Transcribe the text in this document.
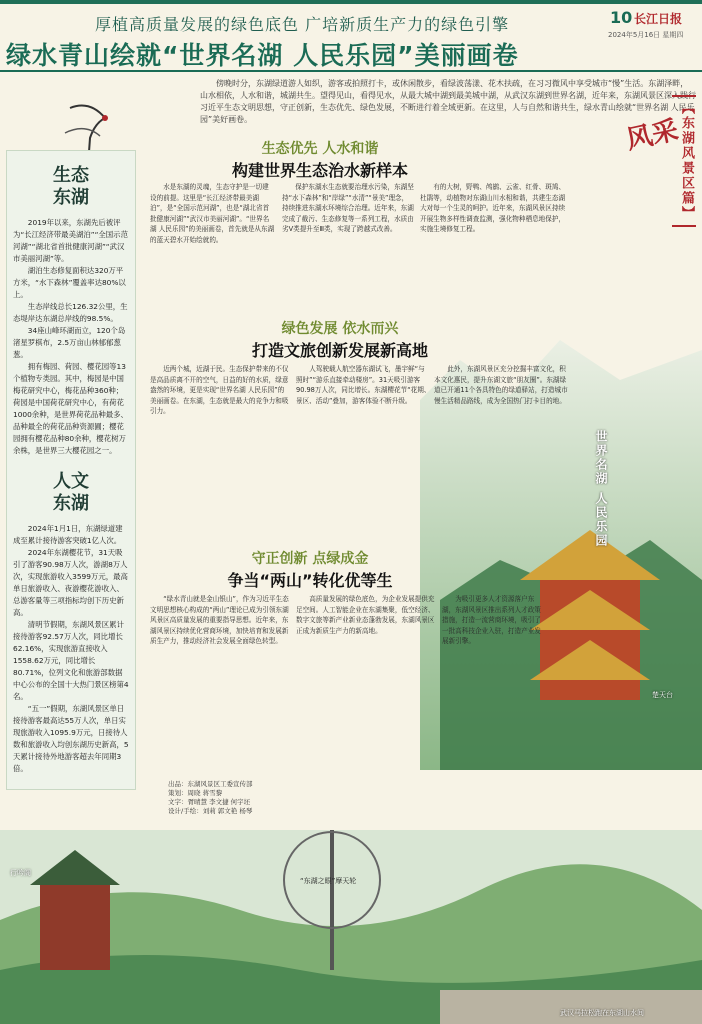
厚植高质量发展的绿色底色 广培新质生产力的绿色引擎
绿水青山绘就“世界名湖 人民乐园”美丽画卷
10 长江日报
2024年5月16日 星期四
傍晚时分，东湖绿道游人如织，游客或拍照打卡，或休闲散步，看绿波荡漾、花木扶疏，在习习微风中享受城市“慢”生活。东湖泽畔，山水相依，人水和谐，城湖共生。望得见山，看得见水，从最大城中湖到最美城中湖，从武汉东湖到世界名湖，近年来，东湖风景区深入践行习近平生态文明思想，守正创新，生态优先、绿色发展，不断进行着全域更新。在这里，人与自然和谐共生，绿水青山绘就“世界名湖 人民乐园”美好画卷。	【东湖风景区篇】
风采
世界名湖 人民乐园
楚天台
生态东湖
2019年以来，东湖先后被评为“长江经济带最美湖泊”“全国示范河湖”“湖北省首批健康河湖”“武汉市美丽河湖”等。
湖泊生态修复面积达320万平方米，“水下森林”覆盖率达80%以上。
生态岸线总长126.32公里，生态堤岸达东湖总岸线的98.5%。
34座山峰环湖而立，120个岛渚星罗棋布，2.5万亩山林郁郁葱葱。
拥有梅园、荷园、樱花园等13个植物专类园。其中，梅园是中国梅花研究中心，梅花品种360种；荷园是中国荷花研究中心，有荷花1000余种，是世界荷花品种最多、品种最全的荷花品种资源圃；樱花园拥有樱花品种80余种，樱花树万余株，是世界三大樱花园之一。
人文东湖
2024年1月1日，东湖绿道建成至累计接待游客突破1亿人次。
2024年东湖樱花节，31天吸引了游客90.98万人次，游湖8万人次，实现旅游收入3599万元，最高单日旅游收入、夜游樱花游收入、总游客量等三项指标均创下历史新高。
清明节假期，东湖风景区累计接待游客92.57万人次，同比增长62.16%，实现旅游直接收入1558.62万元，同比增长80.71%，位列文化和旅游部数据中心公布的全国十大热门景区榜第4名。
“五一”假期，东湖风景区单日接待游客最高达55万人次，单日实现旅游收入1095.9万元，日接待人数和旅游收入均创东湖历史新高，5天累计接待外地游客超去年同期3倍。
生态优先 人水和谐
构建世界生态治水新样本
水是东湖的灵魂，生态守护是一切建设的前提。这里是“长江经济带最美湖泊”，是“全国示范河湖”，也是“湖北省首批健康河湖”“武汉市美丽河湖”。“世界名湖 人民乐园”的美丽画卷，首先就是从东湖的蓝天碧水开始绘就的。
保护东湖水生态就要治理水污染，东湖坚持“水下森林”和“岸绿”“水清”“景美”理念，持续推进东湖水环境综合治理。近年来，东湖完成了截污、生态修复等一系列工程，水质由劣Ⅴ类提升至Ⅲ类，实现了跨越式改善。
有的大树，野鸭、鸬鹚、云雀、红骨、斑鸠、杜鹃等，动植物对东湖山川水相和谐，共建生态湖大对每一个生灵的呵护。近年来，东湖风景区持续开展生物多样性调查监测，强化物种栖息地保护，实施生境修复工程。
绿色发展 依水而兴
打造文旅创新发展新高地
近两个城，近湖于民。生态保护带来的不仅是高品质离不开的空气，日益的好的水质，绿意盎然的环境，更是实现“世界名湖 人民乐园”的美丽画卷。在东湖，生态就是最大的竞争力和吸引力。
人驾驶载人航空器东湖试飞，墨宇鲜“与照时”“游乐直接牵动楼房”。31天吸引游客90.98万人次，同比增长。东湖樱花节“花期、景区、活动”叠加，游客体验不断升级。
此外，东湖风景区充分挖掘丰富文化，积本文化惠民，提升东湖文旅“朋友圈”。东湖绿道已开通11个各具特色的绿道驿站，打造城市慢生活精品路线，成为全国热门打卡目的地。
守正创新 点绿成金
争当“两山”转化优等生
“绿水青山就是金山银山”，作为习近平生态文明思想核心构成的“两山”理论已成为引领东湖风景区高质量发展的重要指导思想。近年来，东湖风景区持续优化营商环境，加快培育和发展新质生产力，推动经济社会发展全面绿色转型。
高质量发展的绿色底色，为企业发展提供充足空间。人工智能企业在东湖集聚，低空经济、数字文旅等新产业新业态蓬勃发展，东湖风景区正成为新质生产力的新高地。
为吸引更多人才资源落户东湖，东湖风景区推出系列人才政策措施，打造一流营商环境，吸引了一批高科技企业入驻，打造产业发展新引擎。
出品：东湖风景区工委宣传部
策划：周晓 蒋雪黎
文字：胥晴慧 李文捷 何宇坯
设计/手绘：刘莉 郭文艳 杨琴
行吟阁
“东湖之眼”摩天轮
武汉马拉松跑在东湖山水间
